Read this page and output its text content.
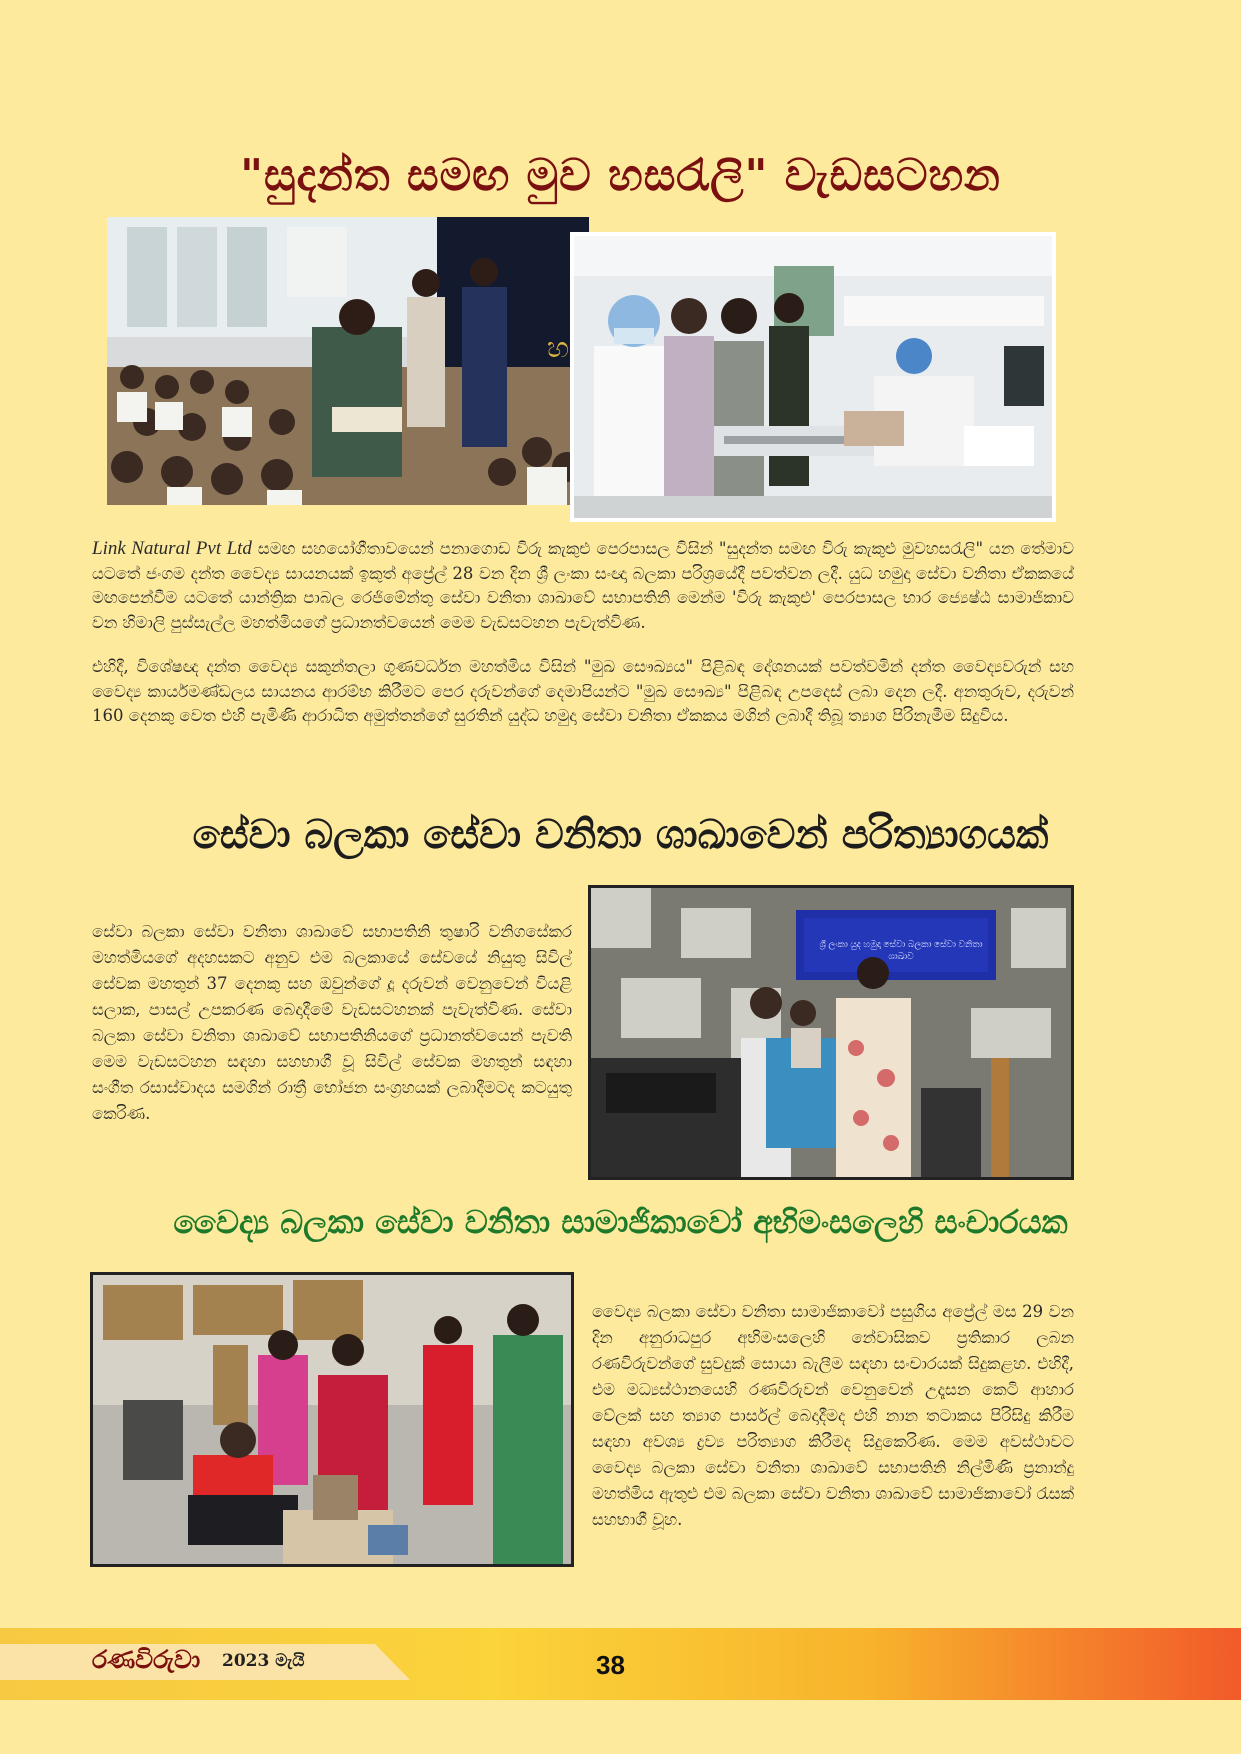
"සුදන්ත සමඟ මුව හසරැලි" වැඩසටහන
හ

Link Natural Pvt Ltd සමඟ සහයෝගීතාවයෙන් පනාගොඩ විරු කැකුළු පෙරපාසල විසින් "සුදන්ත සමඟ විරු කැකුළු මුවහසරැලි" යන තේමාව යටතේ ජංගම දන්ත වෛද්‍ය සායනයක් ඉකුත් අප්‍රේල් 28 වන දින ශ්‍රී ලංකා සංඥා බලකා පරිශ්‍රයේදී පවත්වන ලදී. යුධ හමුදා සේවා වනිතා ඒකකයේ මඟපෙන්වීම යටතේ යාන්ත්‍රික පාබල රෙජිමේන්තු සේවා වනිතා ශාඛාවේ සභාපතිනි මෙන්ම 'විරු කැකුළු' පෙරපාසල භාර ජ්‍යෙෂ්ඨ සාමාජිකාව වන හිමාලි පුස්සැල්ල මහත්මියගේ ප්‍රධානත්වයෙන් මෙම වැඩසටහන පැවැත්විණ.

එහිදී, විශේෂඥ දන්ත වෛද්‍ය සකුන්තලා ගුණවර්ධන මහත්මිය විසින් "මුඛ සෞඛ්‍යය" පිළිබඳ දේශනයක් පවත්වමින් දන්ත වෛද්‍යවරුන් සහ වෛද්‍ය කාර්යමණ්ඩලය සායනය ආරම්භ කිරීමට පෙර දරුවන්ගේ දෙමාපියන්ට "මුඛ සෞඛ්‍ය" පිළිබඳ උපදෙස් ලබා දෙන ලදී. අනතුරුව, දරුවන් 160 දෙනකු වෙත එහි පැමිණි ආරාධිත අමුත්තන්ගේ සුරතින් යුද්ධ හමුදා සේවා වනිතා ඒකකය මගින් ලබාදී තිබූ ත්‍යාග පිරිනැමීම සිදුවිය.

සේවා බලකා සේවා වනිතා ශාඛාවෙන් පරිත්‍යාගයක්

සේවා බලකා සේවා වනිතා ශාඛාවේ සභාපතිනි තුෂාරි වනිගසේකර මහත්මියගේ අදහසකට අනුව එම බලකායේ සේවයේ නියුතු සිවිල් සේවක මහතුන් 37 දෙනකු සහ ඔවුන්ගේ දූ දරුවන් වෙනුවෙන් වියළි සලාක, පාසල් උපකරණ බෙදාදීමේ වැඩසටහනක් පැවැත්විණ. සේවා බලකා සේවා වනිතා ශාඛාවේ සභාපතිනියගේ ප්‍රධානත්වයෙන් පැවති මෙම වැඩසටහන සඳහා සහභාගී වූ සිවිල් සේවක මහතුන් සඳහා සංගීත රසාස්වාදය සමගින් රාත්‍රී භෝජන සංග්‍රහයක් ලබාදීමටද කටයුතු කෙරිණ.

ශ්‍රී ලංකා යුද හමුදා සේවා බලකා සේවා වනිතා ශාඛාව
වෛද්‍ය බලකා සේවා වනිතා සාමාජිකාවෝ අභිමංසලෙහි සංචාරයක

වෛද්‍ය බලකා සේවා වනිතා සාමාජිකාවෝ පසුගිය අප්‍රේල් මස 29 වන දින අනුරාධපුර අභිමංසලෙහි නේවාසිකව ප්‍රතිකාර ලබන රණවිරුවන්ගේ සුවදුක් සොයා බැලීම සඳහා සංචාරයක් සිදුකළහ. එහිදී, එම මධ්‍යස්ථානයෙහි රණවිරුවන් වෙනුවෙන් උදෑසන කෙටි ආහාර වේලක් සහ ත්‍යාග පාර්සල් බෙදාදීමද එහි නාන තටාකය පිරිසිදු කිරීම සඳහා අවශ්‍ය ද්‍රව්‍ය පරිත්‍යාග කිරීමද සිදුකෙරිණ. මෙම අවස්ථාවට වෛද්‍ය බලකා සේවා වනිතා ශාඛාවේ සභාපතිනි නිල්මිණි ප්‍රනාන්දු මහත්මිය ඇතුළු එම බලකා සේවා වනිතා ශාඛාවේ සාමාජිකාවෝ රැසක් සහභාගී වූහ.

රණවිරුවා 2023 මැයි	38
